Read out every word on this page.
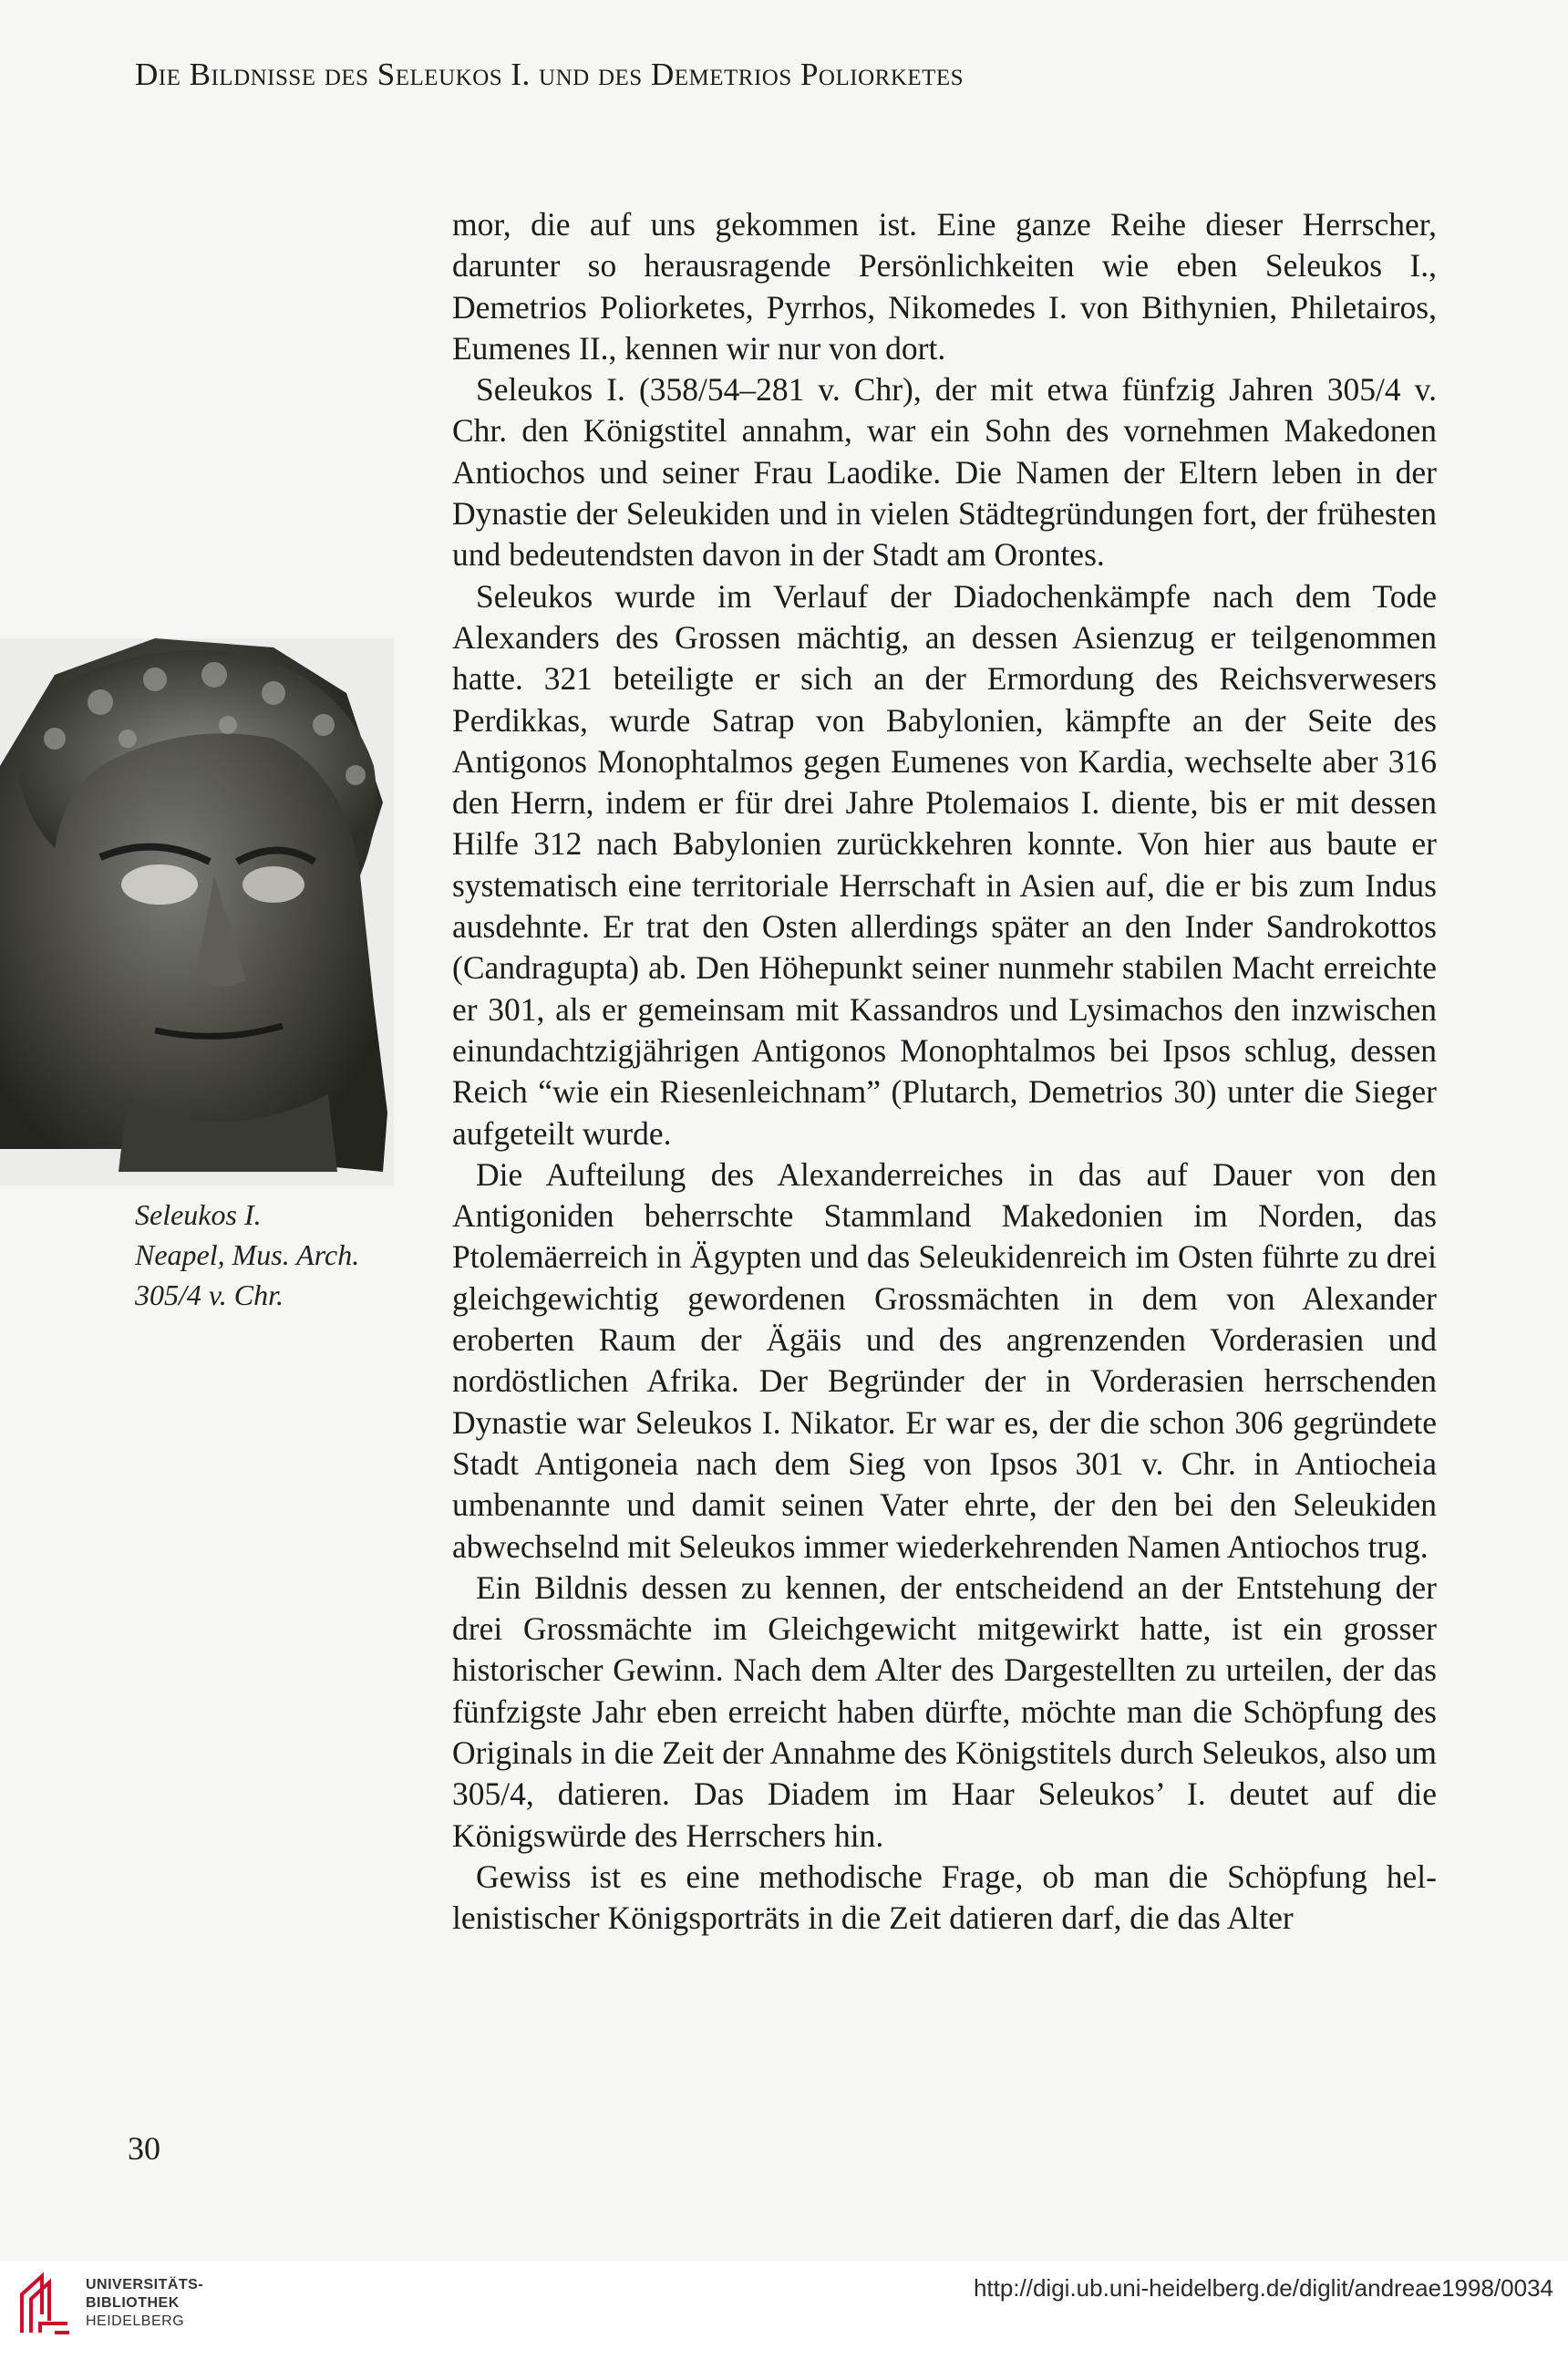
Die Bildnisse des Seleukos I. und des Demetrios Poliorketes
Seleukos I.
Neapel, Mus. Arch.
305/4 v. Chr.

mor, die auf uns gekommen ist. Eine ganze Reihe dieser Herrscher, darunter so herausragende Persönlichkeiten wie eben Seleukos I., Demetrios Poliorketes, Pyrrhos, Nikomedes I. von Bithynien, Philetairos, Eumenes II., kennen wir nur von dort.

Seleukos I. (358/54–281 v. Chr), der mit etwa fünfzig Jahren 305/4 v. Chr. den Königstitel annahm, war ein Sohn des vornehmen Makedonen Antiochos und seiner Frau Laodike. Die Namen der Eltern leben in der Dynastie der Seleukiden und in vielen Städtegründungen fort, der frühesten und bedeutendsten davon in der Stadt am Orontes.

Seleukos wurde im Verlauf der Diadochenkämpfe nach dem Tode Alexanders des Grossen mächtig, an dessen Asienzug er teilgenommen hatte. 321 beteiligte er sich an der Ermordung des Reichsverwesers Perdikkas, wurde Satrap von Babylonien, kämpfte an der Seite des Antigonos Monophtalmos gegen Eumenes von Kardia, wechselte aber 316 den Herrn, indem er für drei Jahre Ptolemaios I. diente, bis er mit dessen Hilfe 312 nach Babylonien zurückkehren konnte. Von hier aus baute er systematisch eine territoriale Herrschaft in Asien auf, die er bis zum Indus ausdehnte. Er trat den Osten allerdings später an den Inder Sandrokottos (Candragupta) ab. Den Höhepunkt seiner nunmehr stabilen Macht erreichte er 301, als er gemeinsam mit Kassandros und Lysimachos den inzwischen einundachtzigjährigen Antigonos Monophtalmos bei Ipsos schlug, dessen Reich “wie ein Riesenleichnam” (Plutarch, Demetrios 30) unter die Sieger aufgeteilt wurde.

Die Aufteilung des Alexanderreiches in das auf Dauer von den Antigoniden beherrschte Stammland Makedonien im Norden, das Ptolemäerreich in Ägypten und das Seleukidenreich im Osten führte zu drei gleichgewichtig gewordenen Grossmächten in dem von Alexander eroberten Raum der Ägäis und des angrenzenden Vorderasien und nordöstlichen Afrika. Der Begründer der in Vorderasien herrschenden Dynastie war Seleukos I. Nikator. Er war es, der die schon 306 gegründete Stadt Antigoneia nach dem Sieg von Ipsos 301 v. Chr. in Antiocheia umbenannte und damit seinen Vater ehrte, der den bei den Seleukiden abwechselnd mit Seleukos immer wiederkehrenden Namen Antiochos trug.

Ein Bildnis dessen zu kennen, der entscheidend an der Entstehung der drei Grossmächte im Gleichgewicht mitgewirkt hatte, ist ein grosser historischer Gewinn. Nach dem Alter des Dargestellten zu urteilen, der das fünfzigste Jahr eben erreicht haben dürfte, möchte man die Schöpfung des Originals in die Zeit der Annahme des Königstitels durch Seleukos, also um 305/4, datieren. Das Diadem im Haar Seleukos’ I. deutet auf die Königswürde des Herrschers hin.

Gewiss ist es eine methodische Frage, ob man die Schöpfung hellenistischer Königsporträts in die Zeit datieren darf, die das Alter

30
UNIVERSITÄTS-
BIBLIOTHEK
HEIDELBERG
http://digi.ub.uni-heidelberg.de/diglit/andreae1998/0034
